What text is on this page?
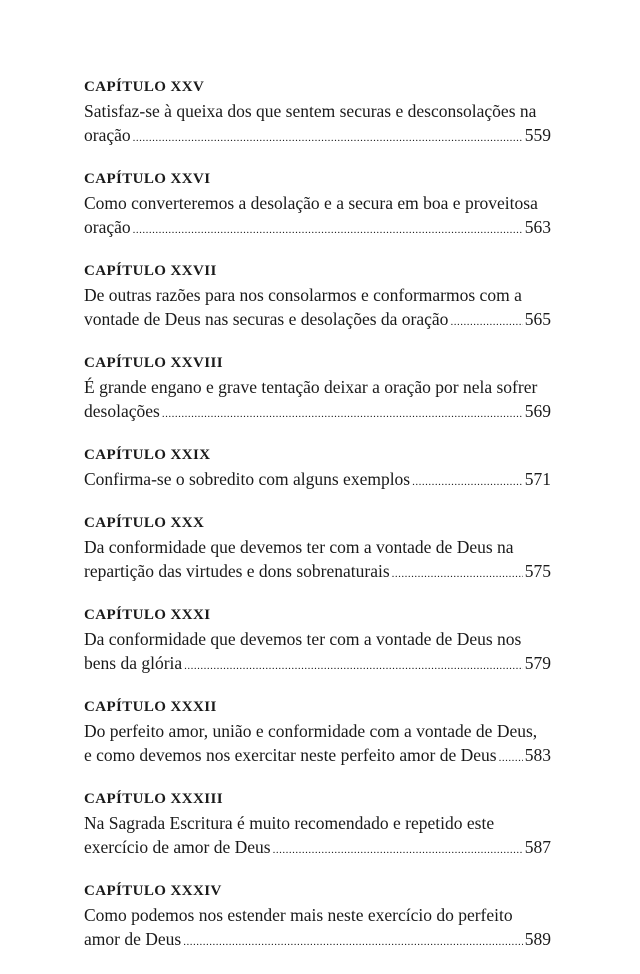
CAPÍTULO XXV
Satisfaz-se à queixa dos que sentem securas e desconsolações na
oração .....	559
CAPÍTULO XXVI
Como converteremos a desolação e a secura em boa e proveitosa
oração .....	563
CAPÍTULO XXVII
De outras razões para nos consolarmos e conformarmos com a
vontade de Deus nas securas e desolações da oração .....	565
CAPÍTULO XXVIII
É grande engano e grave tentação deixar a oração por nela sofrer
desolações .....	569
CAPÍTULO XXIX
Confirma-se o sobredito com alguns exemplos .....	571
CAPÍTULO XXX
Da conformidade que devemos ter com a vontade de Deus na
repartição das virtudes e dons sobrenaturais .....	575
CAPÍTULO XXXI
Da conformidade que devemos ter com a vontade de Deus nos
bens da glória .....	579
CAPÍTULO XXXII
Do perfeito amor, união e conformidade com a vontade de Deus,
e como devemos nos exercitar neste perfeito amor de Deus ..... 583
CAPÍTULO XXXIII
Na Sagrada Escritura é muito recomendado e repetido este
exercício de amor de Deus .....	587
CAPÍTULO XXXIV
Como podemos nos estender mais neste exercício do perfeito
amor de Deus .....	589
